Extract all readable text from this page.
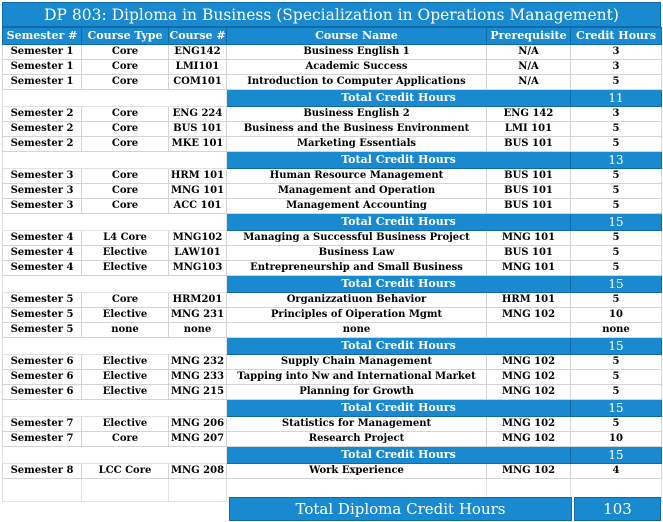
DP 803: Diploma in Business (Specialization in Operations Management)
Semester #	Course Type	Course #	Course Name	Prerequisite	Credit Hours
Semester 1	Core	ENG142	Business English 1	N/A	3
Semester 1	Core	LMI101	Academic Success	N/A	3
Semester 1	Core	COM101	Introduction to Computer Applications	N/A	5
			Total Credit Hours		11
Semester 2	Core	ENG 224	Business English 2	ENG 142	3
Semester 2	Core	BUS 101	Business and the Business Environment	LMI 101	5
Semester 2	Core	MKE 101	Marketing Essentials	BUS 101	5
			Total Credit Hours		13
Semester 3	Core	HRM 101	Human Resource Management	BUS 101	5
Semester 3	Core	MNG 101	Management and Operation	BUS 101	5
Semester 3	Core	ACC 101	Management Accounting	BUS 101	5
			Total Credit Hours		15
Semester 4	L4 Core	MNG102	Managing a Successful Business Project	MNG 101	5
Semester 4	Elective	LAW101	Business Law	BUS 101	5
Semester 4	Elective	MNG103	Entrepreneurship and Small Business	MNG 101	5
			Total Credit Hours		15
Semester 5	Core	HRM201	Organizzatiuon Behavior	HRM 101	5
Semester 5	Elective	MNG 231	Principles of Oiperation Mgmt	MNG 102	10
Semester 5	none	none	none		none
			Total Credit Hours		15
Semester 6	Elective	MNG 232	Supply Chain Management	MNG 102	5
Semester 6	Elective	MNG 233	Tapping into Nw and International Market	MNG 102	5
Semester 6	Elective	MNG 215	Planning for Growth	MNG 102	5
			Total Credit Hours		15
Semester 7	Elective	MNG 206	Statistics for Management	MNG 102	5
Semester 7	Core	MNG 207	Research Project	MNG 102	10
			Total Credit Hours		15
Semester 8	LCC Core	MNG 208	Work Experience	MNG 102	4

Total Diploma Credit Hours	103
